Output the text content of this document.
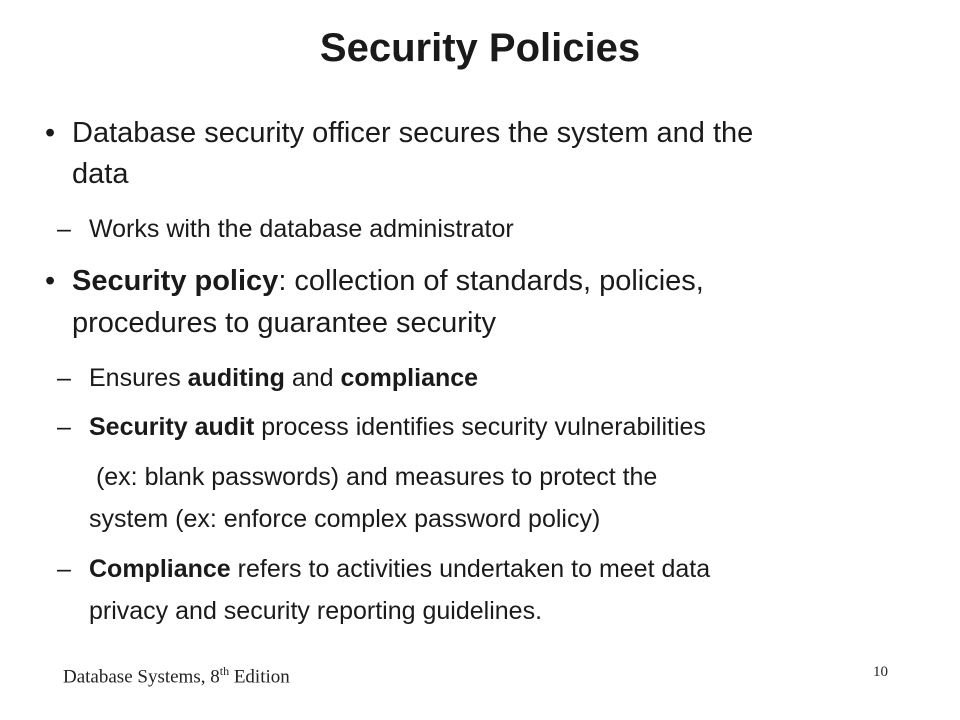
Security Policies
• Database security officer secures the system and the
data
– Works with the database administrator
• Security policy: collection of standards, policies,
procedures to guarantee security
– Ensures auditing and compliance
– Security audit process identifies security vulnerabilities
(ex: blank passwords) and measures to protect the
system (ex: enforce complex password policy)
– Compliance refers to activities undertaken to meet data
privacy and security reporting guidelines.
Database Systems, 8th Edition	10
